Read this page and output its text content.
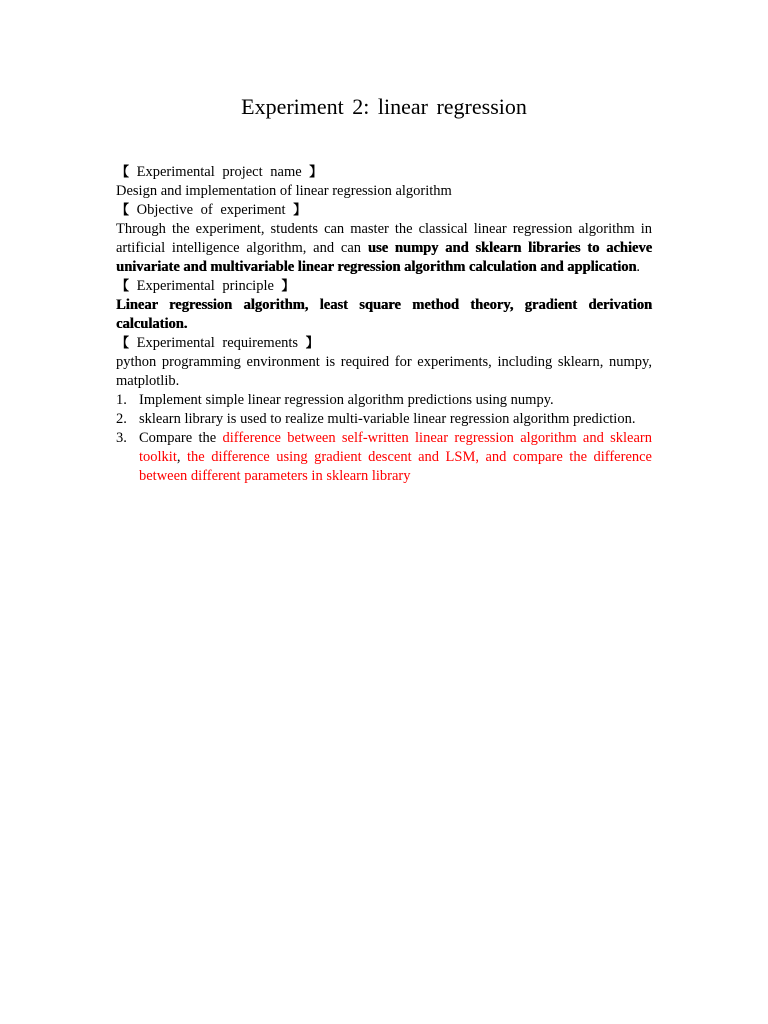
Experiment 2: linear regression
【 Experimental project name 】

Design and implementation of linear regression algorithm

【 Objective of experiment 】

Through the experiment, students can master the classical linear regression algorithm in artificial intelligence algorithm, and can use numpy and sklearn libraries to achieve univariate and multivariable linear regression algorithm calculation and application.

【 Experimental principle 】

Linear regression algorithm, least square method theory, gradient derivation calculation.

【 Experimental requirements 】

python programming environment is required for experiments, including sklearn, numpy, matplotlib.

1. Implement simple linear regression algorithm predictions using numpy.
2. sklearn library is used to realize multi-variable linear regression algorithm prediction.
3. Compare the difference between self-written linear regression algorithm and sklearn toolkit, the difference using gradient descent and LSM, and compare the difference between different parameters in sklearn library
